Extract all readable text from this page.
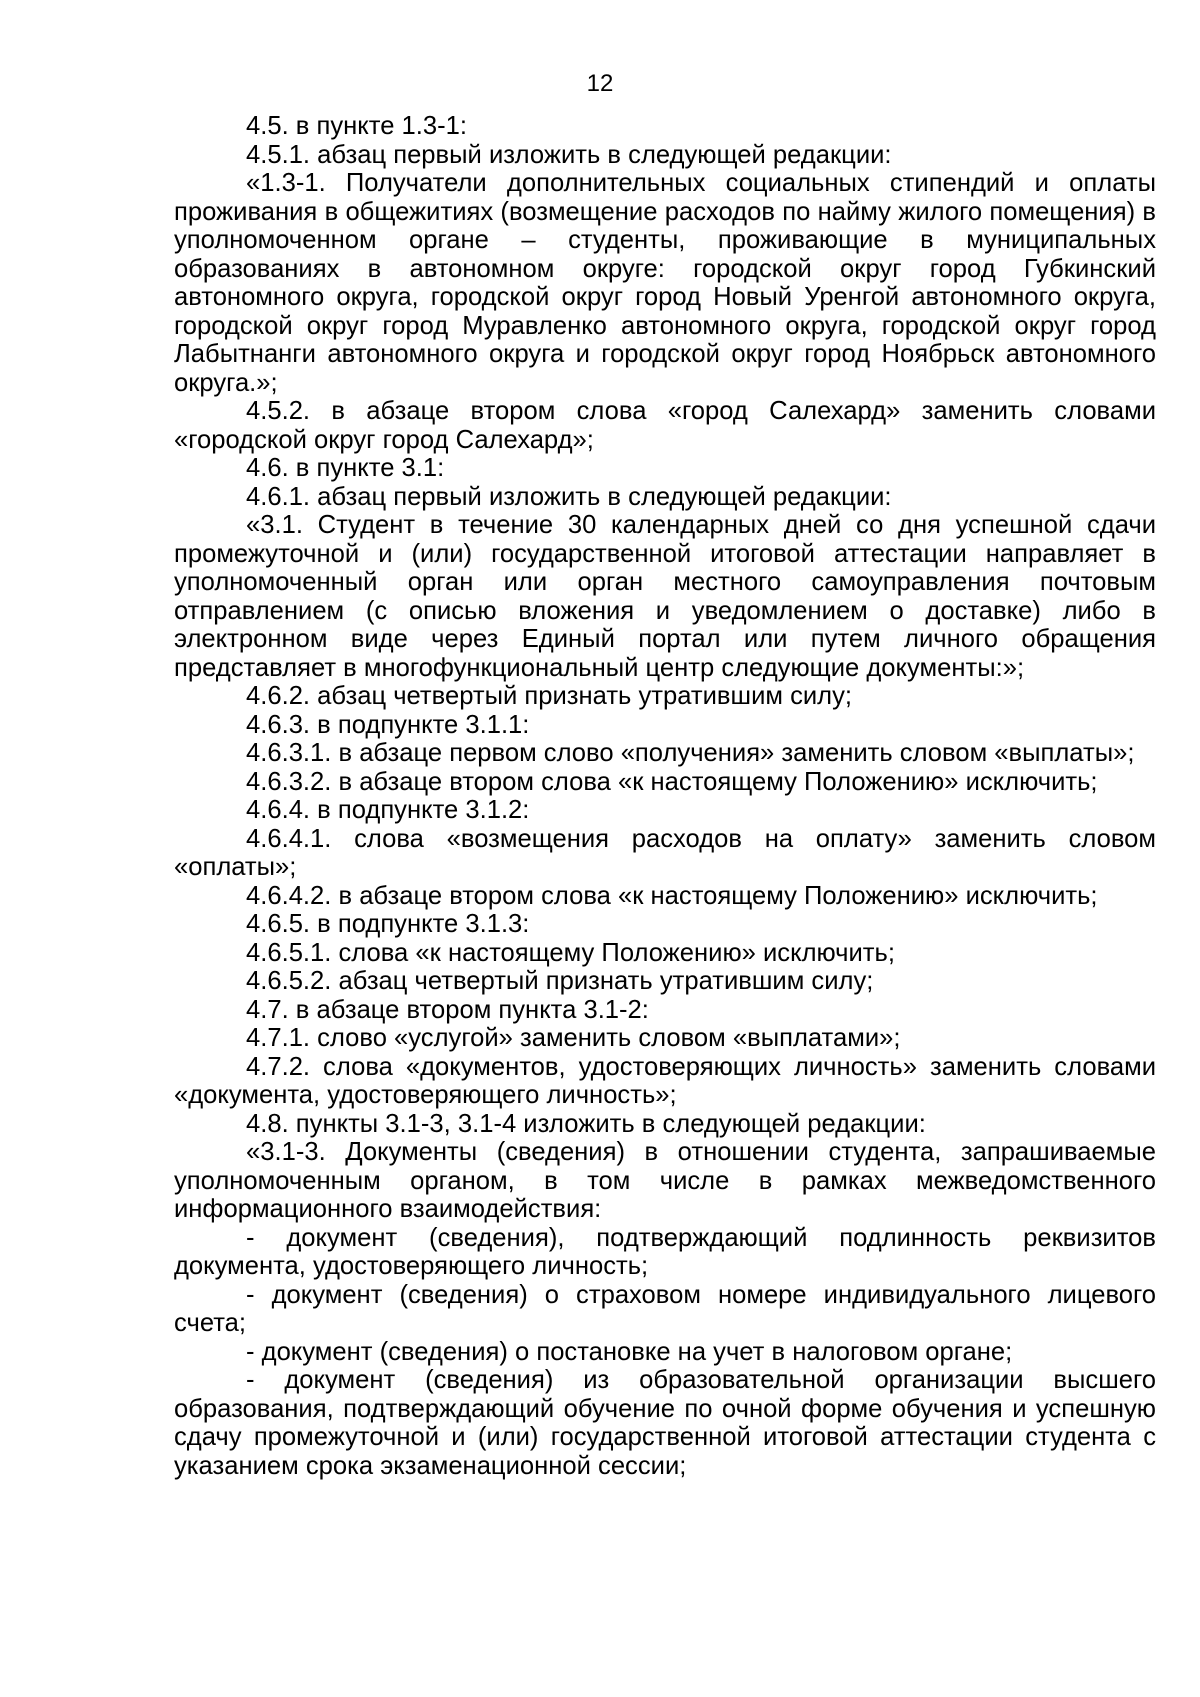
12

4.5. в пункте 1.3-1:

4.5.1. абзац первый изложить в следующей редакции:

«1.3-1. Получатели дополнительных социальных стипендий и оплаты проживания в общежитиях (возмещение расходов по найму жилого помещения) в уполномоченном органе – студенты, проживающие в муниципальных образованиях в автономном округе: городской округ город Губкинский автономного округа, городской округ город Новый Уренгой автономного округа, городской округ город Муравленко автономного округа, городской округ город Лабытнанги автономного округа и городской округ город Ноябрьск автономного округа.»;

4.5.2. в абзаце втором слова «город Салехард» заменить словами «городской округ город Салехард»;

4.6. в пункте 3.1:

4.6.1. абзац первый изложить в следующей редакции:

«3.1. Студент в течение 30 календарных дней со дня успешной сдачи промежуточной и (или) государственной итоговой аттестации направляет в уполномоченный орган или орган местного самоуправления почтовым отправлением (с описью вложения и уведомлением о доставке) либо в электронном виде через Единый портал или путем личного обращения представляет в многофункциональный центр следующие документы:»;

4.6.2. абзац четвертый признать утратившим силу;

4.6.3. в подпункте 3.1.1:

4.6.3.1. в абзаце первом слово «получения» заменить словом «выплаты»;

4.6.3.2. в абзаце втором слова «к настоящему Положению» исключить;

4.6.4. в подпункте 3.1.2:

4.6.4.1. слова «возмещения расходов на оплату» заменить словом «оплаты»;

4.6.4.2. в абзаце втором слова «к настоящему Положению» исключить;

4.6.5. в подпункте 3.1.3:

4.6.5.1. слова «к настоящему Положению» исключить;

4.6.5.2. абзац четвертый признать утратившим силу;

4.7. в абзаце втором пункта 3.1-2:

4.7.1. слово «услугой» заменить словом «выплатами»;

4.7.2. слова «документов, удостоверяющих личность» заменить словами «документа, удостоверяющего личность»;

4.8. пункты 3.1-3, 3.1-4 изложить в следующей редакции:

«3.1-3. Документы (сведения) в отношении студента, запрашиваемые уполномоченным органом, в том числе в рамках межведомственного информационного взаимодействия:

- документ (сведения), подтверждающий подлинность реквизитов документа, удостоверяющего личность;

- документ (сведения) о страховом номере индивидуального лицевого счета;

- документ (сведения) о постановке на учет в налоговом органе;

- документ (сведения) из образовательной организации высшего образования, подтверждающий обучение по очной форме обучения и успешную сдачу промежуточной и (или) государственной итоговой аттестации студента с указанием срока экзаменационной сессии;
